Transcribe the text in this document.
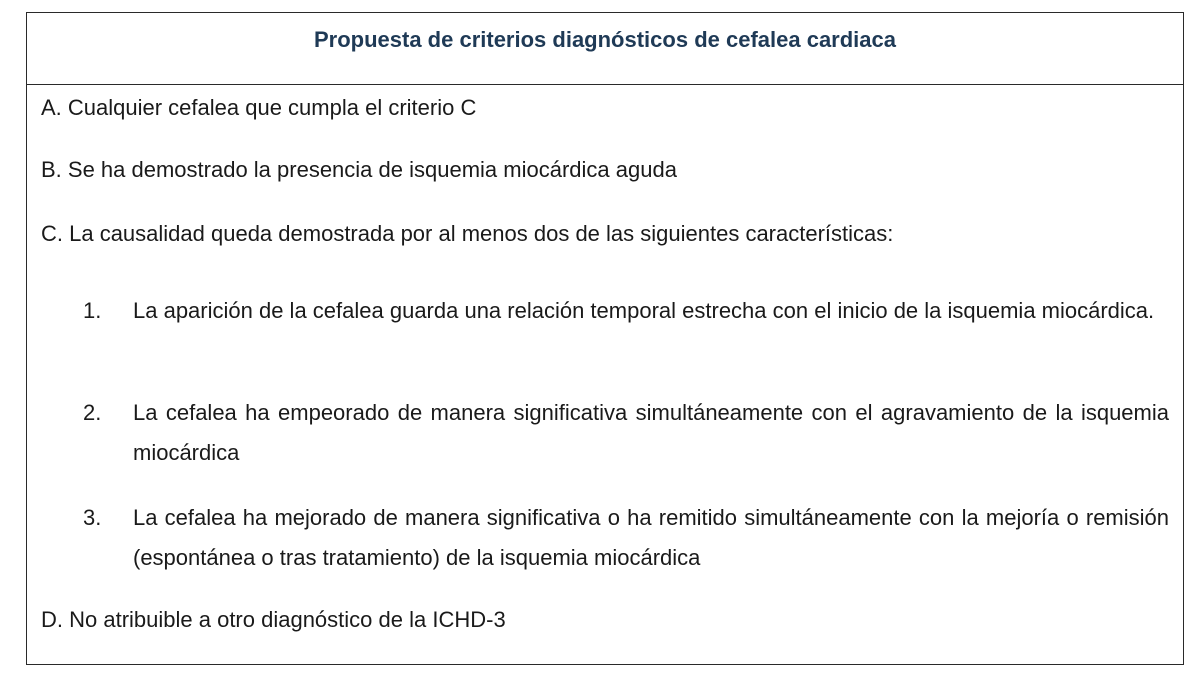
Propuesta de criterios diagnósticos de cefalea cardiaca
A. Cualquier cefalea que cumpla el criterio C
B. Se ha demostrado la presencia de isquemia miocárdica aguda
C. La causalidad queda demostrada por al menos dos de las siguientes características:
1.	La aparición de la cefalea guarda una relación temporal estrecha con el inicio de la isquemia miocárdica.
2.	La cefalea ha empeorado de manera significativa simultáneamente con el agravamiento de la isquemia miocárdica
3.	La cefalea ha mejorado de manera significativa o ha remitido simultáneamente con la mejoría o remisión (espontánea o tras tratamiento) de la isquemia miocárdica
D. No atribuible a otro diagnóstico de la ICHD-3
